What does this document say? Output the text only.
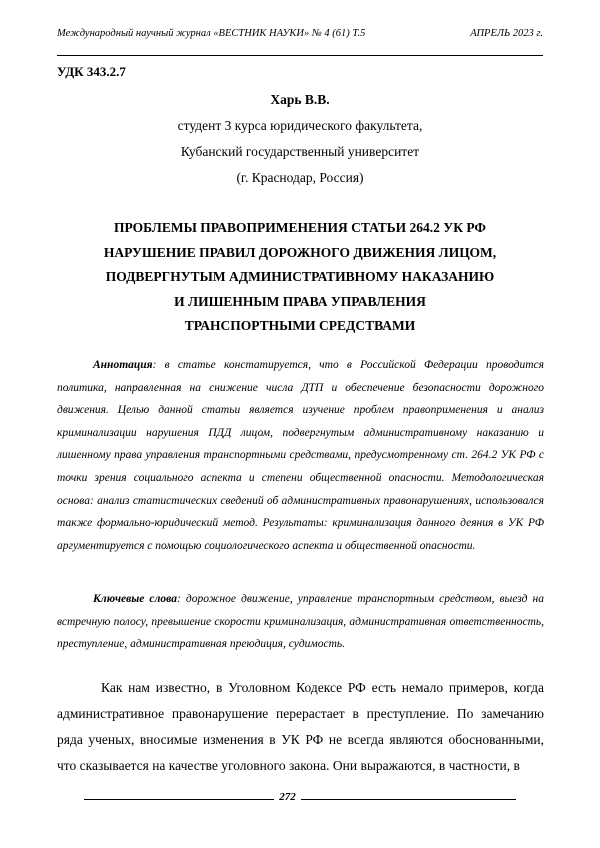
Международный научный журнал «ВЕСТНИК НАУКИ» № 4 (61) Т.5	АПРЕЛЬ 2023 г.
УДК 343.2.7
Харь В.В.
студент 3 курса юридического факультета,
Кубанский государственный университет
(г. Краснодар, Россия)
ПРОБЛЕМЫ ПРАВОПРИМЕНЕНИЯ СТАТЬИ 264.2 УК РФ
НАРУШЕНИЕ ПРАВИЛ ДОРОЖНОГО ДВИЖЕНИЯ ЛИЦОМ,
ПОДВЕРГНУТЫМ АДМИНИСТРАТИВНОМУ НАКАЗАНИЮ
И ЛИШЕННЫМ ПРАВА УПРАВЛЕНИЯ
ТРАНСПОРТНЫМИ СРЕДСТВАМИ

Аннотация: в статье констатируется, что в Российской Федерации проводится политика, направленная на снижение числа ДТП и обеспечение безопасности дорожного движения. Целью данной статьи является изучение проблем правоприменения и анализ криминализации нарушения ПДД лицом, подвергнутым административному наказанию и лишенному права управления транспортными средствами, предусмотренному ст. 264.2 УК РФ с точки зрения социального аспекта и степени общественной опасности. Методологическая основа: анализ статистических сведений об административных правонарушениях, использовался также формально-юридический метод. Результаты: криминализация данного деяния в УК РФ аргументируется с помощью социологического аспекта и общественной опасности.

Ключевые слова: дорожное движение, управление транспортным средством, выезд на встречную полосу, превышение скорости криминализация, административная ответственность, преступление, административная преюдиция, судимость.

Как нам известно, в Уголовном Кодексе РФ есть немало примеров, когда административное правонарушение перерастает в преступление. По замечанию ряда ученых, вносимые изменения в УК РФ не всегда являются обоснованными, что сказывается на качестве уголовного закона. Они выражаются, в частности, в

272
